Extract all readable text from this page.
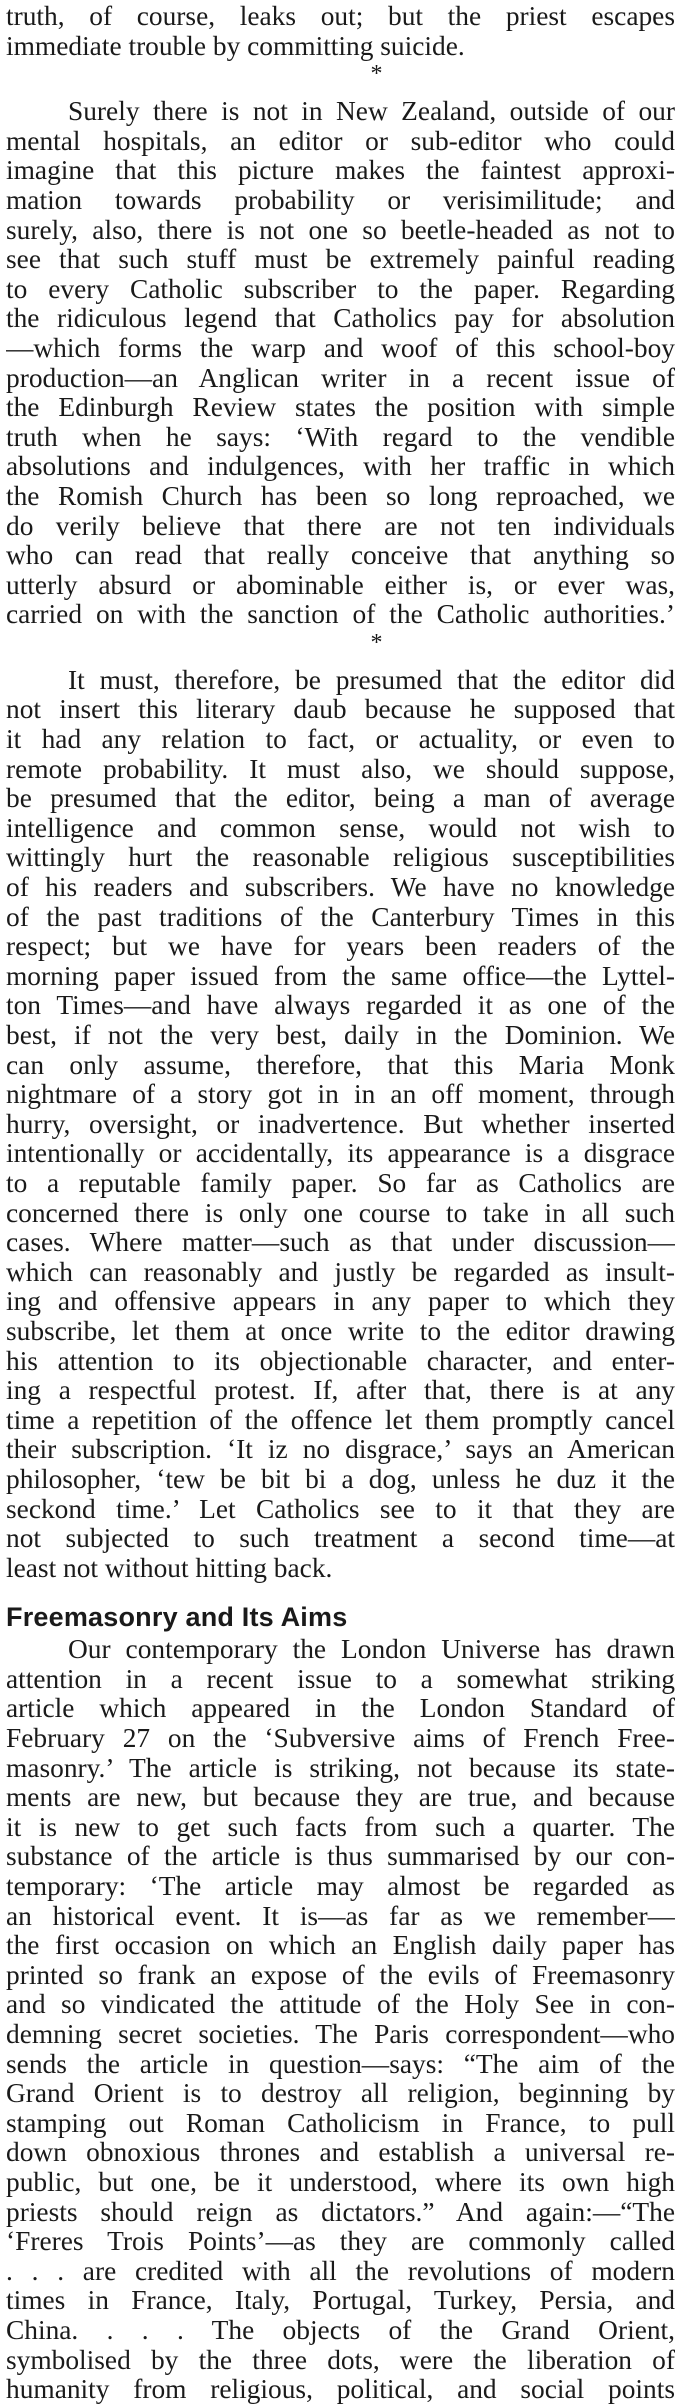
truth, of course, leaks out; but the priest escapes
immediate trouble by committing suicide.
*
Surely there is not in New Zealand, outside of our
mental hospitals, an editor or sub-editor who could
imagine that this picture makes the faintest approxi-
mation towards probability or verisimilitude; and
surely, also, there is not one so beetle-headed as not to
see that such stuff must be extremely painful reading
to every Catholic subscriber to the paper. Regarding
the ridiculous legend that Catholics pay for absolution
—which forms the warp and woof of this school-boy
production—an Anglican writer in a recent issue of
the Edinburgh Review states the position with simple
truth when he says: ‘With regard to the vendible
absolutions and indulgences, with her traffic in which
the Romish Church has been so long reproached, we
do verily believe that there are not ten individuals
who can read that really conceive that anything so
utterly absurd or abominable either is, or ever was,
carried on with the sanction of the Catholic authorities.’
*
It must, therefore, be presumed that the editor did
not insert this literary daub because he supposed that
it had any relation to fact, or actuality, or even to
remote probability. It must also, we should suppose,
be presumed that the editor, being a man of average
intelligence and common sense, would not wish to
wittingly hurt the reasonable religious susceptibilities
of his readers and subscribers. We have no knowledge
of the past traditions of the Canterbury Times in this
respect; but we have for years been readers of the
morning paper issued from the same office—the Lyttel-
ton Times—and have always regarded it as one of the
best, if not the very best, daily in the Dominion. We
can only assume, therefore, that this Maria Monk
nightmare of a story got in in an off moment, through
hurry, oversight, or inadvertence. But whether inserted
intentionally or accidentally, its appearance is a disgrace
to a reputable family paper. So far as Catholics are
concerned there is only one course to take in all such
cases. Where matter—such as that under discussion—
which can reasonably and justly be regarded as insult-
ing and offensive appears in any paper to which they
subscribe, let them at once write to the editor drawing
his attention to its objectionable character, and enter-
ing a respectful protest. If, after that, there is at any
time a repetition of the offence let them promptly cancel
their subscription. ‘It iz no disgrace,’ says an American
philosopher, ‘tew be bit bi a dog, unless he duz it the
seckond time.’ Let Catholics see to it that they are
not subjected to such treatment a second time—at
least not without hitting back.
Freemasonry and Its Aims
Our contemporary the London Universe has drawn
attention in a recent issue to a somewhat striking
article which appeared in the London Standard of
February 27 on the ‘Subversive aims of French Free-
masonry.’ The article is striking, not because its state-
ments are new, but because they are true, and because
it is new to get such facts from such a quarter. The
substance of the article is thus summarised by our con-
temporary: ‘The article may almost be regarded as
an historical event. It is—as far as we remember—
the first occasion on which an English daily paper has
printed so frank an expose of the evils of Freemasonry
and so vindicated the attitude of the Holy See in con-
demning secret societies. The Paris correspondent—who
sends the article in question—says: “The aim of the
Grand Orient is to destroy all religion, beginning by
stamping out Roman Catholicism in France, to pull
down obnoxious thrones and establish a universal re-
public, but one, be it understood, where its own high
priests should reign as dictators.” And again:—“The
‘Freres Trois Points’—as they are commonly called
. . . are credited with all the revolutions of modern
times in France, Italy, Portugal, Turkey, Persia, and
China. . . . The objects of the Grand Orient,
symbolised by the three dots, were the liberation of
humanity from religious, political, and social points
